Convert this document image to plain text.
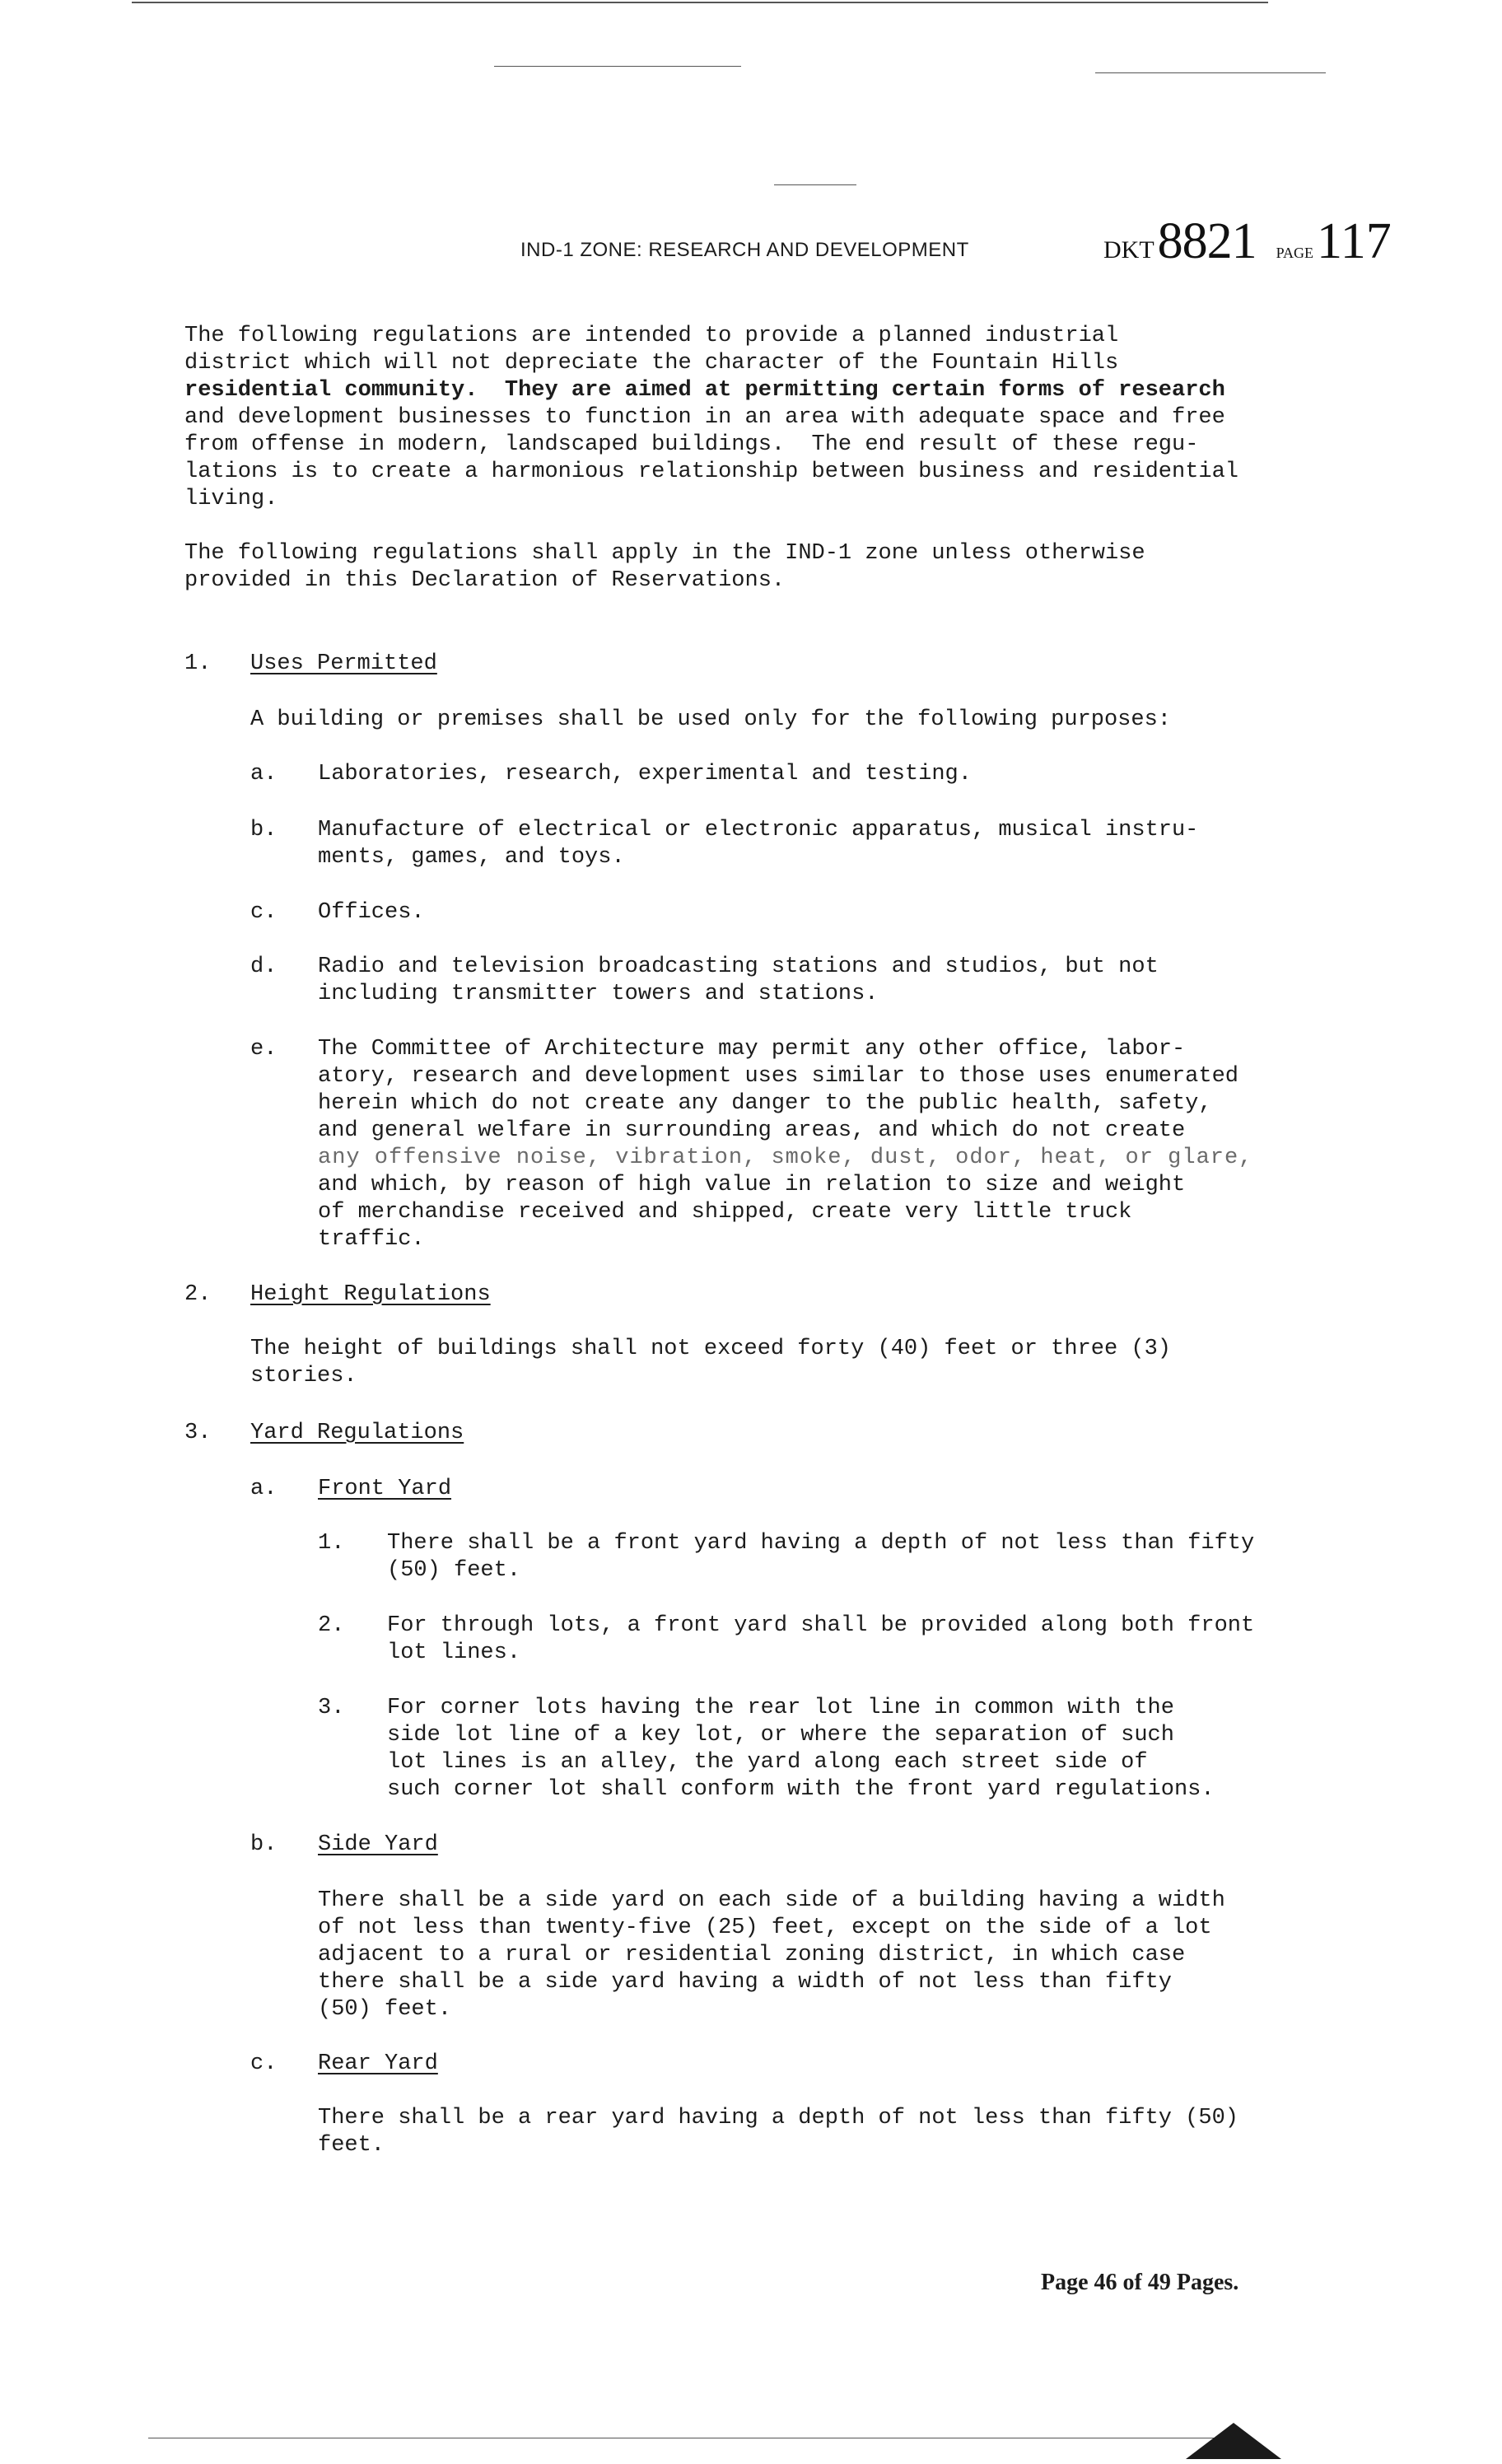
IND-1 ZONE: RESEARCH AND DEVELOPMENT	DKT 8821 PAGE 117
The following regulations are intended to provide a planned industrial
district which will not depreciate the character of the Fountain Hills
residential community.  They are aimed at permitting certain forms of research
and development businesses to function in an area with adequate space and free
from offense in modern, landscaped buildings.  The end result of these regu-
lations is to create a harmonious relationship between business and residential
living.
The following regulations shall apply in the IND-1 zone unless otherwise
provided in this Declaration of Reservations.
1. Uses Permitted
A building or premises shall be used only for the following purposes:
a. Laboratories, research, experimental and testing.
b. Manufacture of electrical or electronic apparatus, musical instru-
ments, games, and toys.
c. Offices.
d. Radio and television broadcasting stations and studios, but not
including transmitter towers and stations.
e. The Committee of Architecture may permit any other office, labor-
atory, research and development uses similar to those uses enumerated
herein which do not create any danger to the public health, safety,
and general welfare in surrounding areas, and which do not create
any offensive noise, vibration, smoke, dust, odor, heat, or glare,
and which, by reason of high value in relation to size and weight
of merchandise received and shipped, create very little truck
traffic.
2. Height Regulations
The height of buildings shall not exceed forty (40) feet or three (3)
stories.
3. Yard Regulations
a. Front Yard
1. There shall be a front yard having a depth of not less than fifty
(50) feet.
2. For through lots, a front yard shall be provided along both front
lot lines.
3. For corner lots having the rear lot line in common with the
side lot line of a key lot, or where the separation of such
lot lines is an alley, the yard along each street side of
such corner lot shall conform with the front yard regulations.
b. Side Yard
There shall be a side yard on each side of a building having a width
of not less than twenty-five (25) feet, except on the side of a lot
adjacent to a rural or residential zoning district, in which case
there shall be a side yard having a width of not less than fifty
(50) feet.
c. Rear Yard
There shall be a rear yard having a depth of not less than fifty (50)
feet.
Page 46 of 49 Pages.
